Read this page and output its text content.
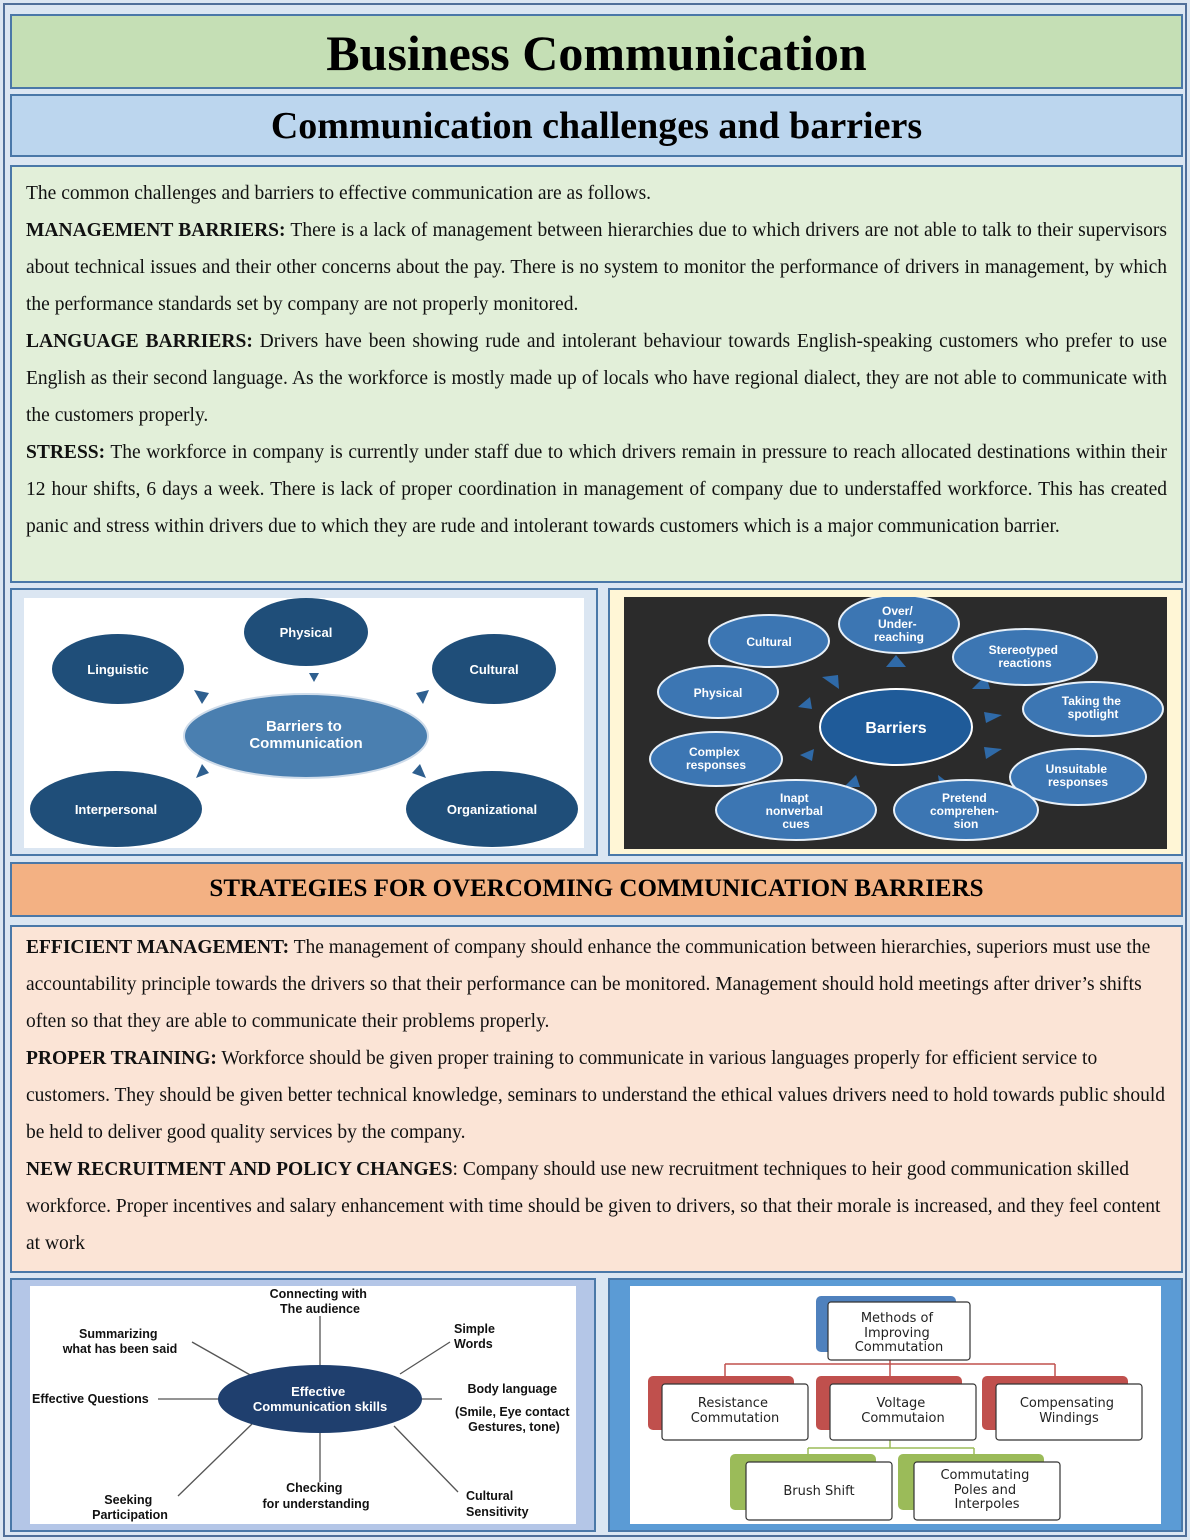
Business Communication
Communication challenges and barriers

The common challenges and barriers to effective communication are as follows.

MANAGEMENT BARRIERS: There is a lack of management between hierarchies due to which drivers are not able to talk to their supervisors about technical issues and their other concerns about the pay. There is no system to monitor the performance of drivers in management, by which the performance standards set by company are not properly monitored.

LANGUAGE BARRIERS: Drivers have been showing rude and intolerant behaviour towards English-speaking customers who prefer to use English as their second language. As the workforce is mostly made up of locals who have regional dialect, they are not able to communicate with the customers properly.

STRESS: The workforce in company is currently under staff due to which drivers remain in pressure to reach allocated destinations within their 12 hour shifts, 6 days a week. There is lack of proper coordination in management of company due to understaffed workforce. This has created panic and stress within drivers due to which they are rude and intolerant towards customers which is a major communication barrier.

Barriers to Communication
Physical
Linguistic	Cultural
Interpersonal	Organizational
Barriers
Over/ Under- reaching
Cultural
Stereotyped reactions
Physical
Taking the spotlight
Complex responses	Unsuitable responses
Inapt nonverbal cues
Pretend comprehen- sion
STRATEGIES FOR OVERCOMING COMMUNICATION BARRIERS

EFFICIENT MANAGEMENT: The management of company should enhance the communication between hierarchies, superiors must use the accountability principle towards the drivers so that their performance can be monitored. Management should hold meetings after driver’s shifts often so that they are able to communicate their problems properly.

PROPER TRAINING: Workforce should be given proper training to communicate in various languages properly for efficient service to customers. They should be given better technical knowledge, seminars to understand the ethical values drivers need to hold towards public should be held to deliver good quality services by the company.

NEW RECRUITMENT AND POLICY CHANGES: Company should use new recruitment techniques to heir good communication skilled workforce. Proper incentives and salary enhancement with time should be given to drivers, so that their morale is increased, and they feel content at work

Effective Communication skills
Connecting with The audience
Summarizing what has been said
Simple Words
Effective Questions
Body language (Smile, Eye contact Gestures, tone)
Seeking Participation
Checking for understanding
Cultural Sensitivity
Methods of Improving Commutation
Resistance Commutation
Voltage Commutaion
Compensating Windings
Brush Shift
Commutating Poles and Interpoles
